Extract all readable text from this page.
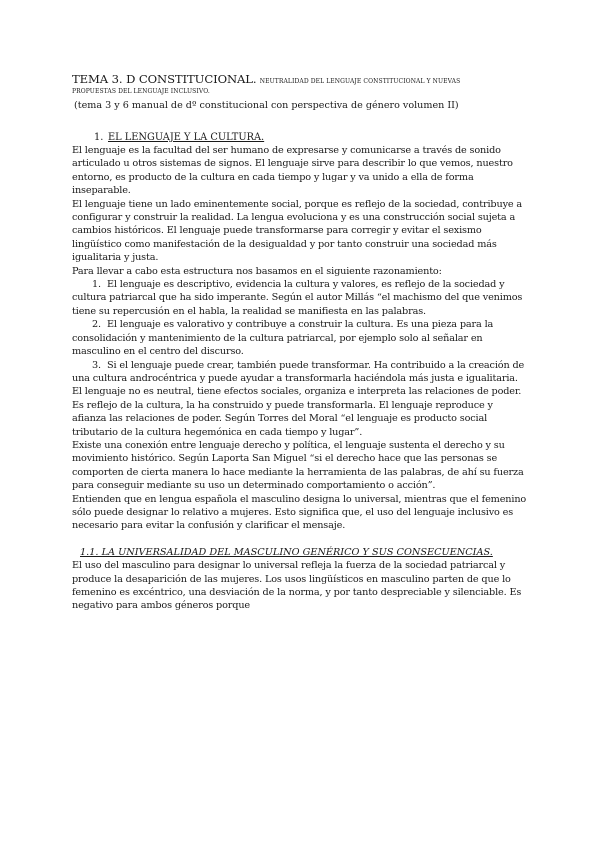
TEMA 3. D CONSTITUCIONAL. NEUTRALIDAD DEL LENGUAJE CONSTITUCIONAL Y NUEVAS
PROPUESTAS DEL LENGUAJE INCLUSIVO.
(tema 3 y 6 manual de dº constitucional con perspectiva de género volumen II)
1. EL LENGUAJE Y LA CULTURA.

El lenguaje es la facultad del ser humano de expresarse y comunicarse a través de sonido articulado u otros sistemas de signos. El lenguaje sirve para describir lo que vemos, nuestro entorno, es producto de la cultura en cada tiempo y lugar y va unido a ella de forma inseparable.

El lenguaje tiene un lado eminentemente social, porque es reflejo de la sociedad, contribuye a configurar y construir la realidad. La lengua evoluciona y es una construcción social sujeta a cambios históricos. El lenguaje puede transformarse para corregir y evitar el sexismo lingüístico como manifestación de la desigualdad y por tanto construir una sociedad más igualitaria y justa.

Para llevar a cabo esta estructura nos basamos en el siguiente razonamiento:

1. El lenguaje es descriptivo, evidencia la cultura y valores, es reflejo de la sociedad y cultura patriarcal que ha sido imperante. Según el autor Millás “el machismo del que venimos tiene su repercusión en el habla, la realidad se manifiesta en las palabras.

2. El lenguaje es valorativo y contribuye a construir la cultura. Es una pieza para la consolidación y mantenimiento de la cultura patriarcal, por ejemplo solo al señalar en masculino en el centro del discurso.

3. Si el lenguaje puede crear, también puede transformar. Ha contribuido a la creación de una cultura androcéntrica y puede ayudar a transformarla haciéndola más justa e igualitaria.

El lenguaje no es neutral, tiene efectos sociales, organiza e interpreta las relaciones de poder. Es reflejo de la cultura, la ha construido y puede transformarla. El lenguaje reproduce y afianza las relaciones de poder. Según Torres del Moral “el lenguaje es producto social tributario de la cultura hegemónica en cada tiempo y lugar”.

Existe una conexión entre lenguaje derecho y política, el lenguaje sustenta el derecho y su movimiento histórico. Según Laporta San Miguel “si el derecho hace que las personas se comporten de cierta manera lo hace mediante la herramienta de las palabras, de ahí su fuerza para conseguir mediante su uso un determinado comportamiento o acción”.

Entienden que en lengua española el masculino designa lo universal, mientras que el femenino sólo puede designar lo relativo a mujeres. Esto significa que, el uso del lenguaje inclusivo es necesario para evitar la confusión y clarificar el mensaje.

1.1. LA UNIVERSALIDAD DEL MASCULINO GENÉRICO Y SUS CONSECUENCIAS.

El uso del masculino para designar lo universal refleja la fuerza de la sociedad patriarcal y produce la desaparición de las mujeres. Los usos lingüísticos en masculino parten de que lo femenino es excéntrico, una desviación de la norma, y por tanto despreciable y silenciable. Es negativo para ambos géneros porque
